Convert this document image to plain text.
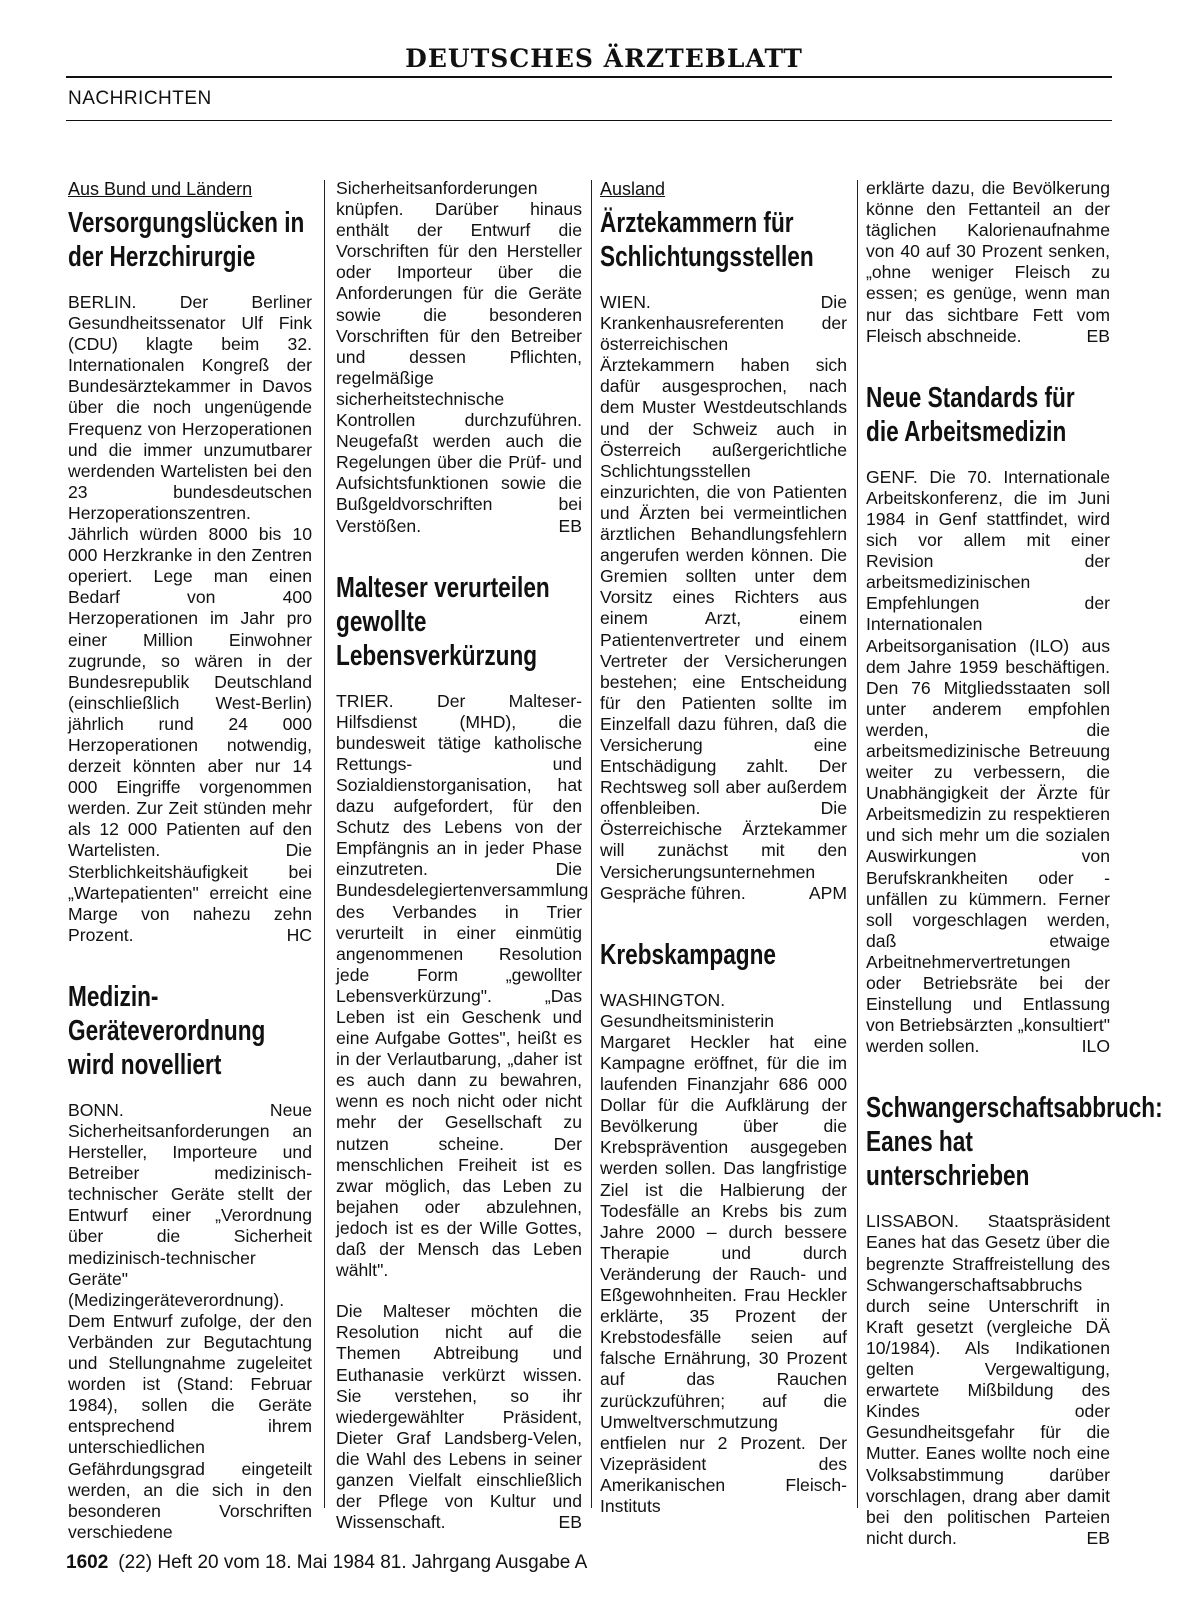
DEUTSCHES ÄRZTEBLATT
NACHRICHTEN
Aus Bund und Ländern
Versorgungslücken in der Herzchirurgie

BERLIN. Der Berliner Gesundheitssenator Ulf Fink (CDU) klagte beim 32. Internationalen Kongreß der Bundesärztekammer in Davos über die noch ungenügende Frequenz von Herzoperationen und die immer unzumutbarer werdenden Wartelisten bei den 23 bundesdeutschen Herzoperationszentren. Jährlich würden 8000 bis 10 000 Herzkranke in den Zentren operiert. Lege man einen Bedarf von 400 Herzoperationen im Jahr pro einer Million Einwohner zugrunde, so wären in der Bundesrepublik Deutschland (einschließlich West-Berlin) jährlich rund 24 000 Herzoperationen notwendig, derzeit könnten aber nur 14 000 Eingriffe vorgenommen werden. Zur Zeit stünden mehr als 12 000 Patienten auf den Wartelisten. Die Sterblichkeitshäufigkeit bei „Wartepatienten" erreicht eine Marge von nahezu zehn Prozent.	HC

Medizin-Geräteverordnung wird novelliert

BONN. Neue Sicherheitsanforderungen an Hersteller, Importeure und Betreiber medizinisch-technischer Geräte stellt der Entwurf einer „Verordnung über die Sicherheit medizinisch-technischer Geräte" (Medizingeräteverordnung). Dem Entwurf zufolge, der den Verbänden zur Begutachtung und Stellungnahme zugeleitet worden ist (Stand: Februar 1984), sollen die Geräte entsprechend ihrem unterschiedlichen Gefährdungsgrad eingeteilt werden, an die sich in den besonderen Vorschriften verschiedene

Sicherheitsanforderungen knüpfen. Darüber hinaus enthält der Entwurf die Vorschriften für den Hersteller oder Importeur über die Anforderungen für die Geräte sowie die besonderen Vorschriften für den Betreiber und dessen Pflichten, regelmäßige sicherheitstechnische Kontrollen durchzuführen. Neugefaßt werden auch die Regelungen über die Prüf- und Aufsichtsfunktionen sowie die Bußgeldvorschriften bei Verstößen.	EB

Malteser verurteilen gewollte Lebensverkürzung

TRIER. Der Malteser-Hilfsdienst (MHD), die bundesweit tätige katholische Rettungs- und Sozialdienstorganisation, hat dazu aufgefordert, für den Schutz des Lebens von der Empfängnis an in jeder Phase einzutreten. Die Bundesdelegiertenversammlung des Verbandes in Trier verurteilt in einer einmütig angenommenen Resolution jede Form „gewollter Lebensverkürzung". „Das Leben ist ein Geschenk und eine Aufgabe Gottes", heißt es in der Verlautbarung, „daher ist es auch dann zu bewahren, wenn es noch nicht oder nicht mehr der Gesellschaft zu nutzen scheine. Der menschlichen Freiheit ist es zwar möglich, das Leben zu bejahen oder abzulehnen, jedoch ist es der Wille Gottes, daß der Mensch das Leben wählt".

Die Malteser möchten die Resolution nicht auf die Themen Abtreibung und Euthanasie verkürzt wissen. Sie verstehen, so ihr wiedergewählter Präsident, Dieter Graf Landsberg-Velen, die Wahl des Lebens in seiner ganzen Vielfalt einschließlich der Pflege von Kultur und Wissenschaft.	EB

Ausland
Ärztekammern für Schlichtungsstellen

WIEN. Die Krankenhausreferenten der österreichischen Ärztekammern haben sich dafür ausgesprochen, nach dem Muster Westdeutschlands und der Schweiz auch in Österreich außergerichtliche Schlichtungsstellen einzurichten, die von Patienten und Ärzten bei vermeintlichen ärztlichen Behandlungsfehlern angerufen werden können. Die Gremien sollten unter dem Vorsitz eines Richters aus einem Arzt, einem Patientenvertreter und einem Vertreter der Versicherungen bestehen; eine Entscheidung für den Patienten sollte im Einzelfall dazu führen, daß die Versicherung eine Entschädigung zahlt. Der Rechtsweg soll aber außerdem offenbleiben. Die Österreichische Ärztekammer will zunächst mit den Versicherungsunternehmen Gespräche führen.	APM

Krebskampagne

WASHINGTON. Gesundheitsministerin Margaret Heckler hat eine Kampagne eröffnet, für die im laufenden Finanzjahr 686 000 Dollar für die Aufklärung der Bevölkerung über die Krebsprävention ausgegeben werden sollen. Das langfristige Ziel ist die Halbierung der Todesfälle an Krebs bis zum Jahre 2000 – durch bessere Therapie und durch Veränderung der Rauch- und Eßgewohnheiten. Frau Heckler erklärte, 35 Prozent der Krebstodesfälle seien auf falsche Ernährung, 30 Prozent auf das Rauchen zurückzuführen; auf die Umweltverschmutzung entfielen nur 2 Prozent. Der Vizepräsident des Amerikanischen Fleisch-Instituts

erklärte dazu, die Bevölkerung könne den Fettanteil an der täglichen Kalorienaufnahme von 40 auf 30 Prozent senken, „ohne weniger Fleisch zu essen; es genüge, wenn man nur das sichtbare Fett vom Fleisch abschneide.	EB

Neue Standards für die Arbeitsmedizin

GENF. Die 70. Internationale Arbeitskonferenz, die im Juni 1984 in Genf stattfindet, wird sich vor allem mit einer Revision der arbeitsmedizinischen Empfehlungen der Internationalen Arbeitsorganisation (ILO) aus dem Jahre 1959 beschäftigen. Den 76 Mitgliedsstaaten soll unter anderem empfohlen werden, die arbeitsmedizinische Betreuung weiter zu verbessern, die Unabhängigkeit der Ärzte für Arbeitsmedizin zu respektieren und sich mehr um die sozialen Auswirkungen von Berufskrankheiten oder -unfällen zu kümmern. Ferner soll vorgeschlagen werden, daß etwaige Arbeitnehmervertretungen oder Betriebsräte bei der Einstellung und Entlassung von Betriebsärzten „konsultiert" werden sollen.	ILO

Schwangerschaftsabbruch: Eanes hat unterschrieben

LISSABON. Staatspräsident Eanes hat das Gesetz über die begrenzte Straffreistellung des Schwangerschaftsabbruchs durch seine Unterschrift in Kraft gesetzt (vergleiche DÄ 10/1984). Als Indikationen gelten Vergewaltigung, erwartete Mißbildung des Kindes oder Gesundheitsgefahr für die Mutter. Eanes wollte noch eine Volksabstimmung darüber vorschlagen, drang aber damit bei den politischen Parteien nicht durch.	EB

1602 (22) Heft 20 vom 18. Mai 1984 81. Jahrgang Ausgabe A
